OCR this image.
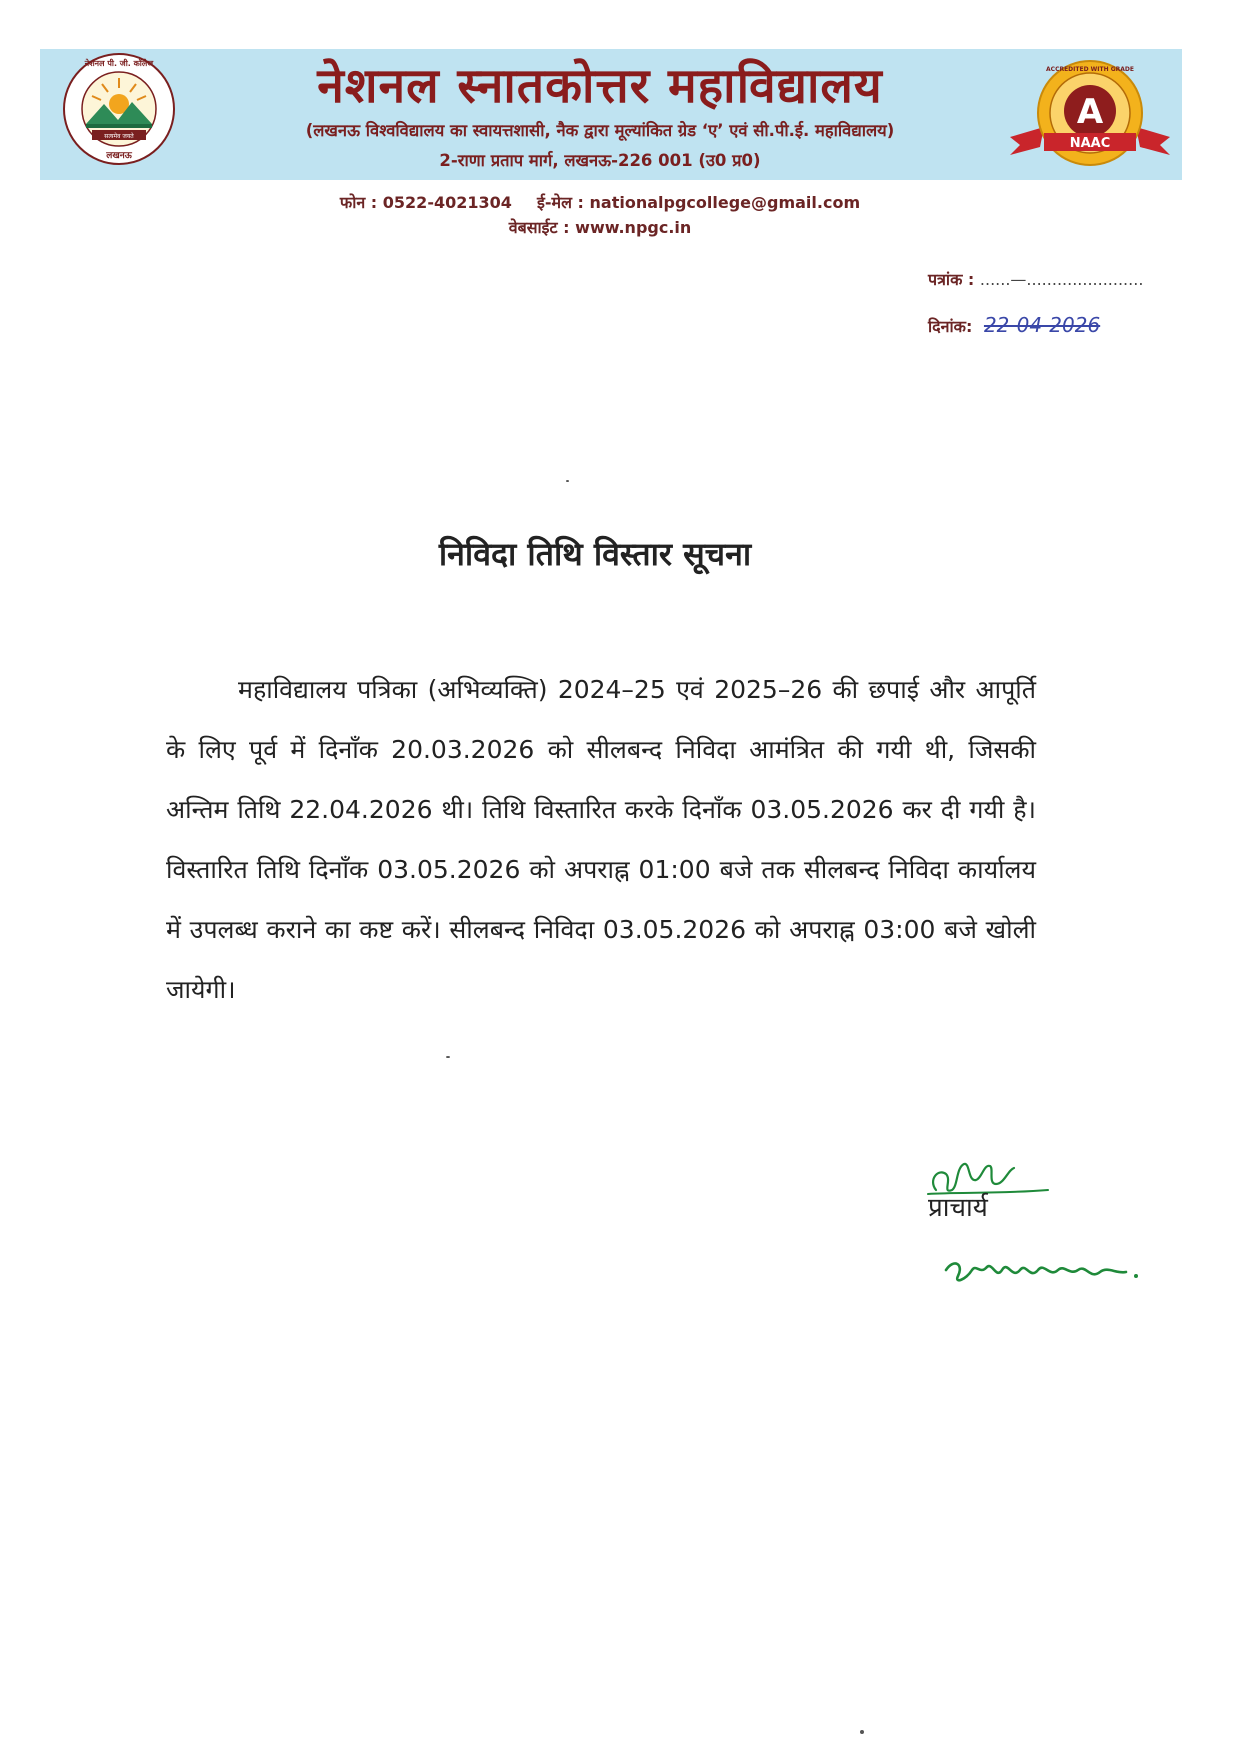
सत्यमेव जयते
नेशनल पी. जी. कॉलेज
लखनऊ
नेशनल स्नातकोत्तर महाविद्यालय
(लखनऊ विश्वविद्यालय का स्वायत्तशासी, नैक द्वारा मूल्यांकित ग्रेड ‘ए’ एवं सी.पी.ई. महाविद्यालय)
2-राणा प्रताप मार्ग, लखनऊ-226 001 (उ0 प्र0)
A
ACCREDITED WITH GRADE
NAAC
फोन : 0522-4021304 ई-मेल : nationalpgcollege@gmail.com
वेबसाईट : www.npgc.in
पत्रांक : ......—.......................
दिनांक: 22-04-2026
निविदा तिथि विस्तार सूचना

महाविद्यालय पत्रिका (अभिव्यक्ति) 2024–25 एवं 2025–26 की छपाई और आपूर्ति के लिए पूर्व में दिनाँक 20.03.2026 को सीलबन्द निविदा आमंत्रित की गयी थी, जिसकी अन्तिम तिथि 22.04.2026 थी। तिथि विस्तारित करके दिनाँक 03.05.2026 कर दी गयी है। विस्तारित तिथि दिनाँक 03.05.2026 को अपराह्न 01:00 बजे तक सीलबन्द निविदा कार्यालय में उपलब्ध कराने का कष्ट करें। सीलबन्द निविदा 03.05.2026 को अपराह्न 03:00 बजे खोली जायेगी।

प्राचार्य
